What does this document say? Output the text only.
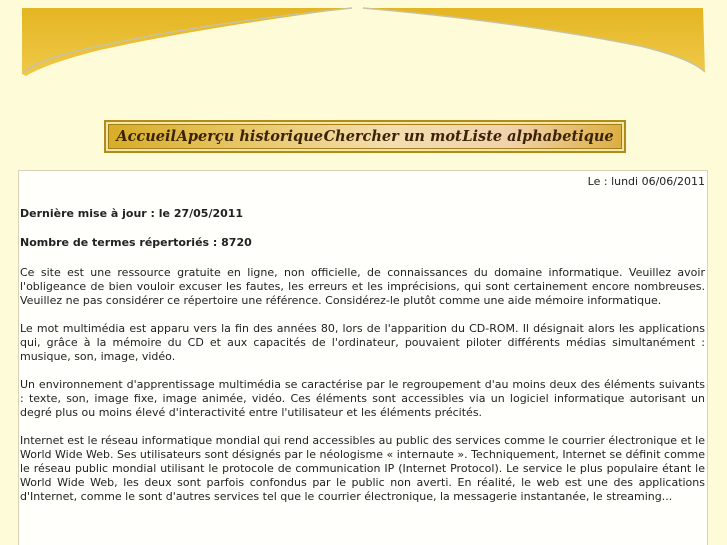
Accueil Aperçu historique Chercher un mot Liste alphabetique
Le : lundi 06/06/2011
Dernière mise à jour : le 27/05/2011
Nombre de termes répertoriés : 8720
Ce site est une ressource gratuite en ligne, non officielle, de connaissances du domaine informatique. Veuillez avoir l'obligeance de bien vouloir excuser les fautes, les erreurs et les imprécisions, qui sont certainement encore nombreuses. Veuillez ne pas considérer ce répertoire une référence. Considérez-le plutôt comme une aide mémoire informatique.
Le mot multimédia est apparu vers la fin des années 80, lors de l'apparition du CD-ROM. Il désignait alors les applications qui, grâce à la mémoire du CD et aux capacités de l'ordinateur, pouvaient piloter différents médias simultanément : musique, son, image, vidéo.
Un environnement d'apprentissage multimédia se caractérise par le regroupement d'au moins deux des éléments suivants : texte, son, image fixe, image animée, vidéo. Ces éléments sont accessibles via un logiciel informatique autorisant un degré plus ou moins élevé d'interactivité entre l'utilisateur et les éléments précités.
Internet est le réseau informatique mondial qui rend accessibles au public des services comme le courrier électronique et le World Wide Web. Ses utilisateurs sont désignés par le néologisme « internaute ». Techniquement, Internet se définit comme le réseau public mondial utilisant le protocole de communication IP (Internet Protocol). Le service le plus populaire étant le World Wide Web, les deux sont parfois confondus par le public non averti. En réalité, le web est une des applications d'Internet, comme le sont d'autres services tel que le courrier électronique, la messagerie instantanée, le streaming...
